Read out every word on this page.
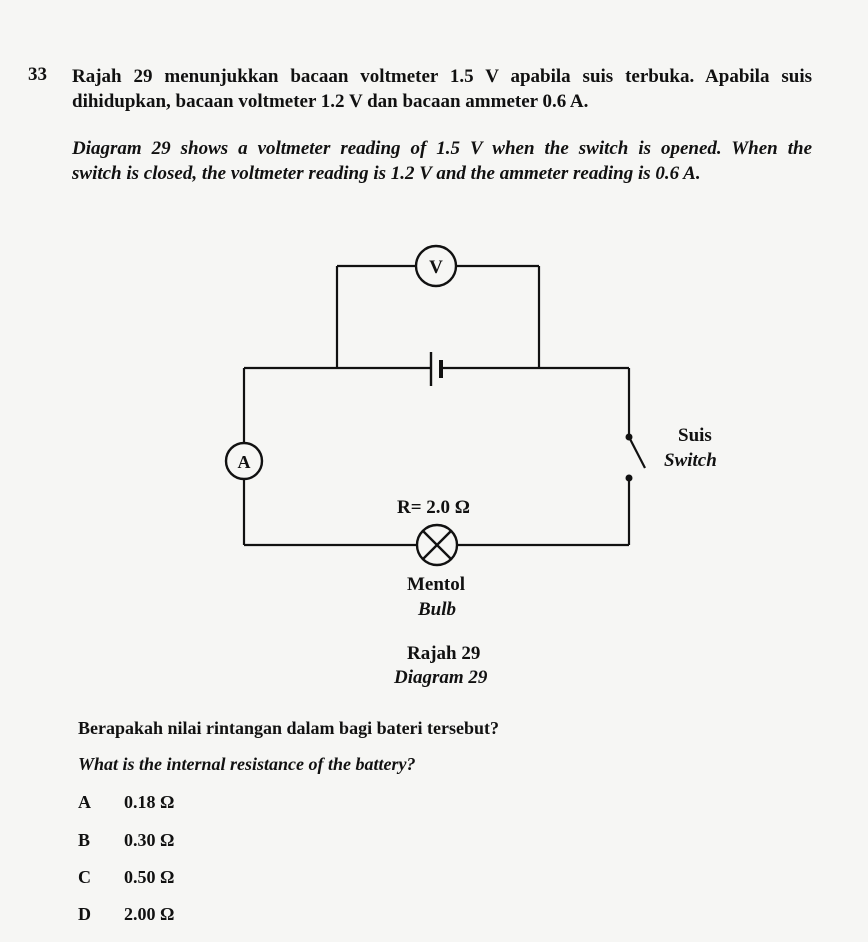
33 Rajah 29 menunjukkan bacaan voltmeter 1.5 V apabila suis terbuka. Apabila suis
dihidupkan, bacaan voltmeter 1.2 V dan bacaan ammeter 0.6 A.
Diagram 29 shows a voltmeter reading of 1.5 V when the switch is opened. When the
switch is closed, the voltmeter reading is 1.2 V and the ammeter reading is 0.6 A.
V
A
Suis
Switch
R= 2.0 Ω
Mentol
Bulb
Rajah 29
Diagram 29
Berapakah nilai rintangan dalam bagi bateri tersebut?
What is the internal resistance of the battery?
A 0.18 Ω
B 0.30 Ω
C 0.50 Ω
D 2.00 Ω
